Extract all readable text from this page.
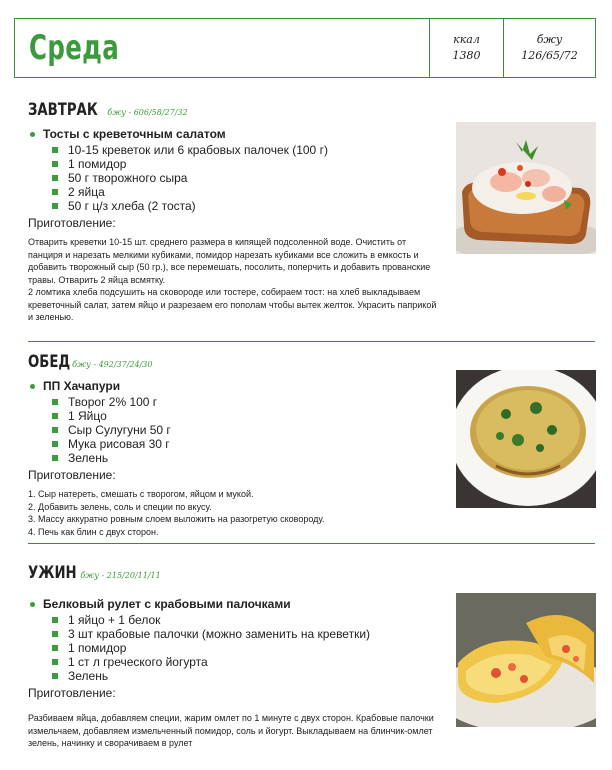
Среда	ккал
1380
бжу
126/65/72
ЗАВТРАК бжу - 606/58/27/32
Тосты с креветочным салатом
10-15 креветок или 6 крабовых палочек (100 г)
1 помидор
50 г творожного сыра
2 яйца
50 г ц/з хлеба (2 тоста)
Приготовление:
Отварить креветки 10-15 шт. среднего размера в кипящей подсоленной воде. Очистить от панциря и нарезать мелкими кубиками, помидор нарезать кубиками все сложить в емкость и добавить творожный сыр (50 гр.), все перемешать, посолить, поперчить и добавить прованские травы. Отварить 2 яйца всмятку.
2 ломтика хлеба подсушить на сковороде или тостере, собираем тост: на хлеб выкладываем креветочный салат, затем яйцо и разрезаем его пополам чтобы вытек желток. Украсить паприкой и зеленью.
ОБЕД бжу - 492/37/24/30
ПП Хачапури
Творог 2% 100 г
1 Яйцо
Сыр Сулугуни 50 г
Мука рисовая 30 г
Зелень
Приготовление:
1. Сыр натереть, смешать с творогом, яйцом и мукой.
2. Добавить зелень, соль и специи по вкусу.
3. Массу аккуратно ровным слоем выложить на разогретую сковороду.
4. Печь как блин с двух сторон.
УЖИН бжу - 215/20/11/11
Белковый рулет с крабовыми палочками
1 яйцо + 1 белок
3 шт крабовые палочки (можно заменить на креветки)
1 помидор
1 ст л греческого йогурта
Зелень
Приготовление:
Разбиваем яйца, добавляем специи, жарим омлет по 1 минуте с двух сторон. Крабовые палочки измельчаем, добавляем измельченный помидор, соль и йогурт. Выкладываем на блинчик-омлет зелень, начинку и сворачиваем в рулет
